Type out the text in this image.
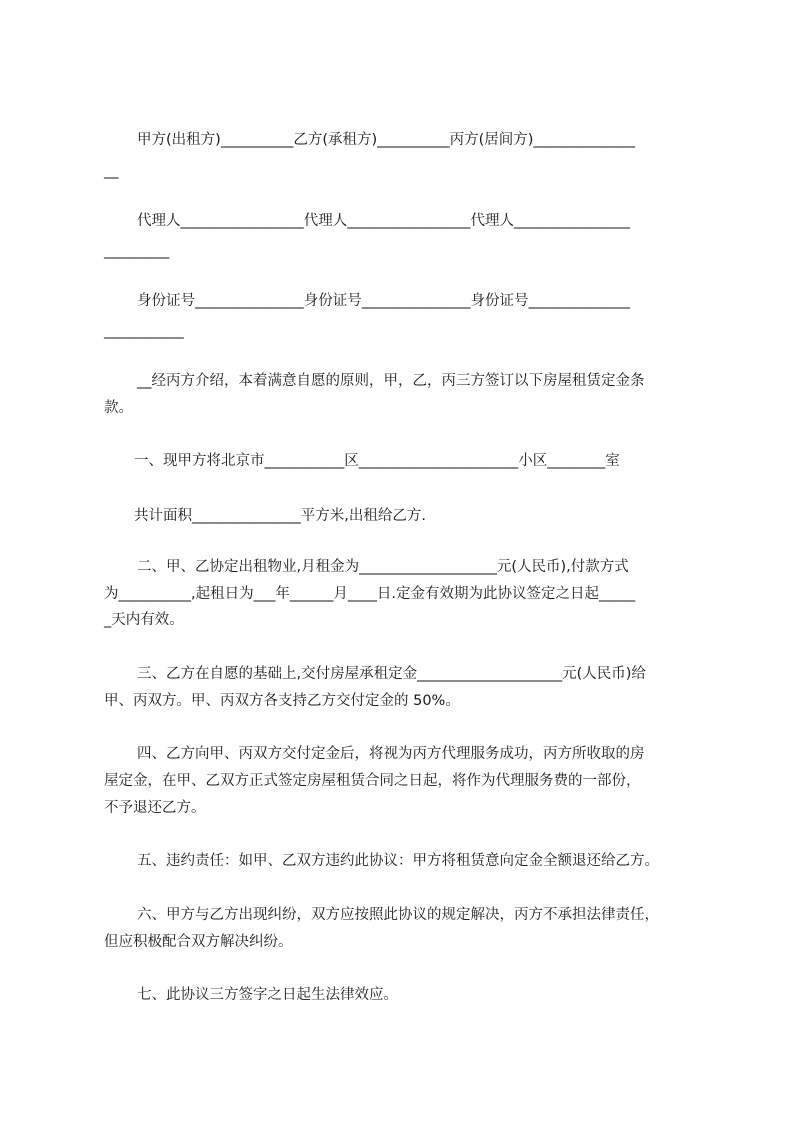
甲方(出租方)__________乙方(承租方)__________丙方(居间方)______________

__

代理人_________________代理人_________________代理人________________

_________

身份证号_______________身份证号_______________身份证号______________

___________

__经丙方介绍，本着满意自愿的原则，甲，乙，丙三方签订以下房屋租赁定金条

款。

一、现甲方将北京市___________区______________________小区________室

共计面积_______________平方米,出租给乙方.

二、甲、乙协定出租物业,月租金为___________________元(人民币),付款方式

为__________,起租日为___年______月____日.定金有效期为此协议签定之日起_____

_天内有效。

三、乙方在自愿的基础上,交付房屋承租定金____________________元(人民币)给

甲、丙双方。甲、丙双方各支持乙方交付定金的 50%。

四、乙方向甲、丙双方交付定金后，将视为丙方代理服务成功，丙方所收取的房

屋定金，在甲、乙双方正式签定房屋租赁合同之日起，将作为代理服务费的一部份，

不予退还乙方。

五、违约责任：如甲、乙双方违约此协议：甲方将租赁意向定金全额退还给乙方。

六、甲方与乙方出现纠纷，双方应按照此协议的规定解决，丙方不承担法律责任，

但应积极配合双方解决纠纷。

七、此协议三方签字之日起生法律效应。
